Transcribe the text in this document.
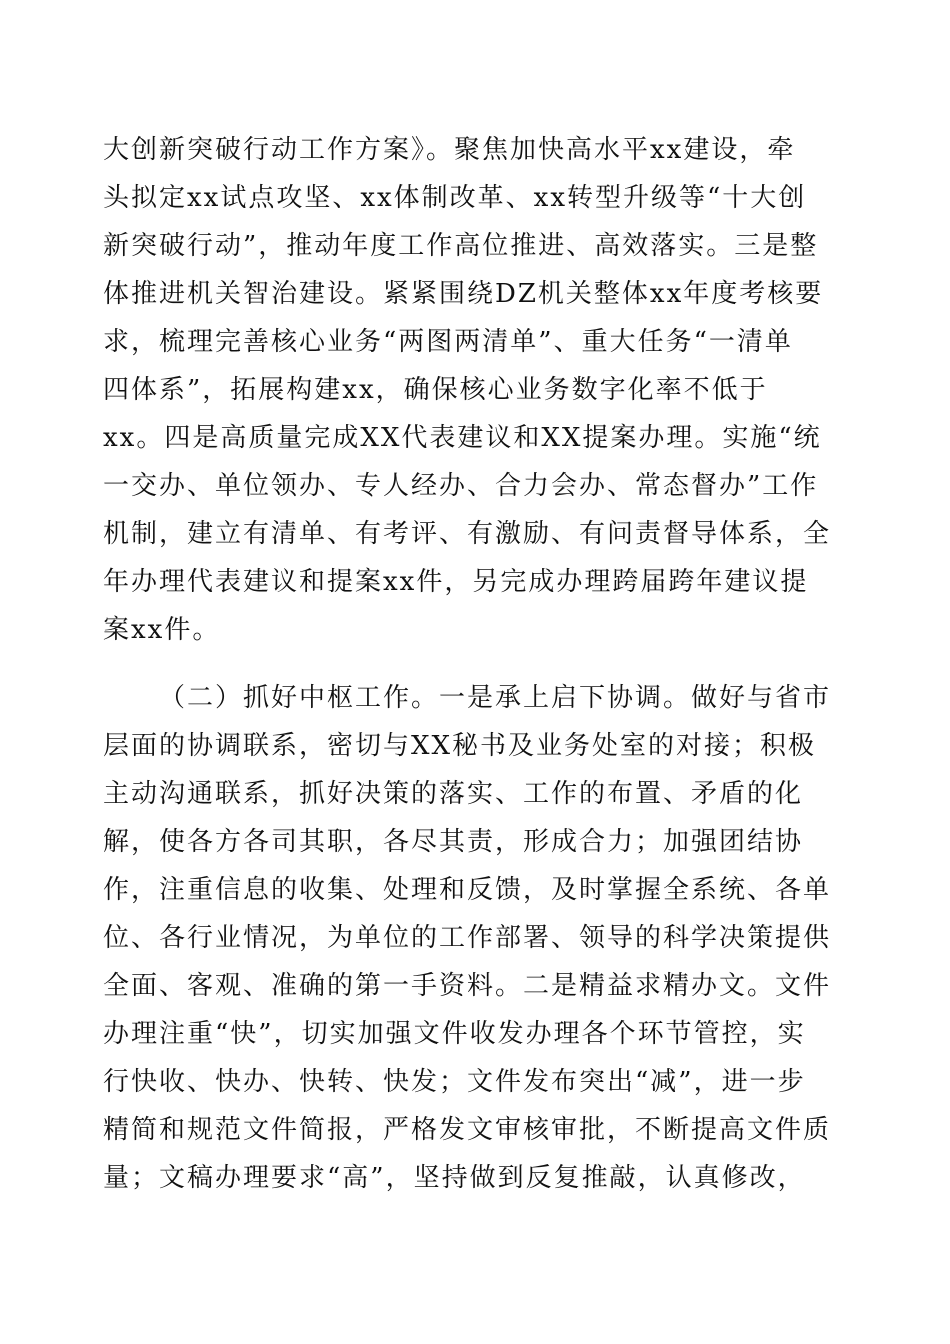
大创新突破行动工作方案》。聚焦加快高水平xx建设，牵
头拟定xx试点攻坚、xx体制改革、xx转型升级等“十大创
新突破行动”，推动年度工作高位推进、高效落实。三是整
体推进机关智治建设。紧紧围绕DZ机关整体xx年度考核要
求，梳理完善核心业务“两图两清单”、重大任务“一清单
四体系”，拓展构建xx，确保核心业务数字化率不低于
xx。四是高质量完成XX代表建议和XX提案办理。实施“统
一交办、单位领办、专人经办、合力会办、常态督办”工作
机制，建立有清单、有考评、有激励、有问责督导体系，全
年办理代表建议和提案xx件，另完成办理跨届跨年建议提
案xx件。
（二）抓好中枢工作。一是承上启下协调。做好与省市
层面的协调联系，密切与XX秘书及业务处室的对接；积极
主动沟通联系，抓好决策的落实、工作的布置、矛盾的化
解，使各方各司其职，各尽其责，形成合力；加强团结协
作，注重信息的收集、处理和反馈，及时掌握全系统、各单
位、各行业情况，为单位的工作部署、领导的科学决策提供
全面、客观、准确的第一手资料。二是精益求精办文。文件
办理注重“快”，切实加强文件收发办理各个环节管控，实
行快收、快办、快转、快发；文件发布突出“减”，进一步
精简和规范文件简报，严格发文审核审批，不断提高文件质
量；文稿办理要求“高”，坚持做到反复推敲，认真修改，
